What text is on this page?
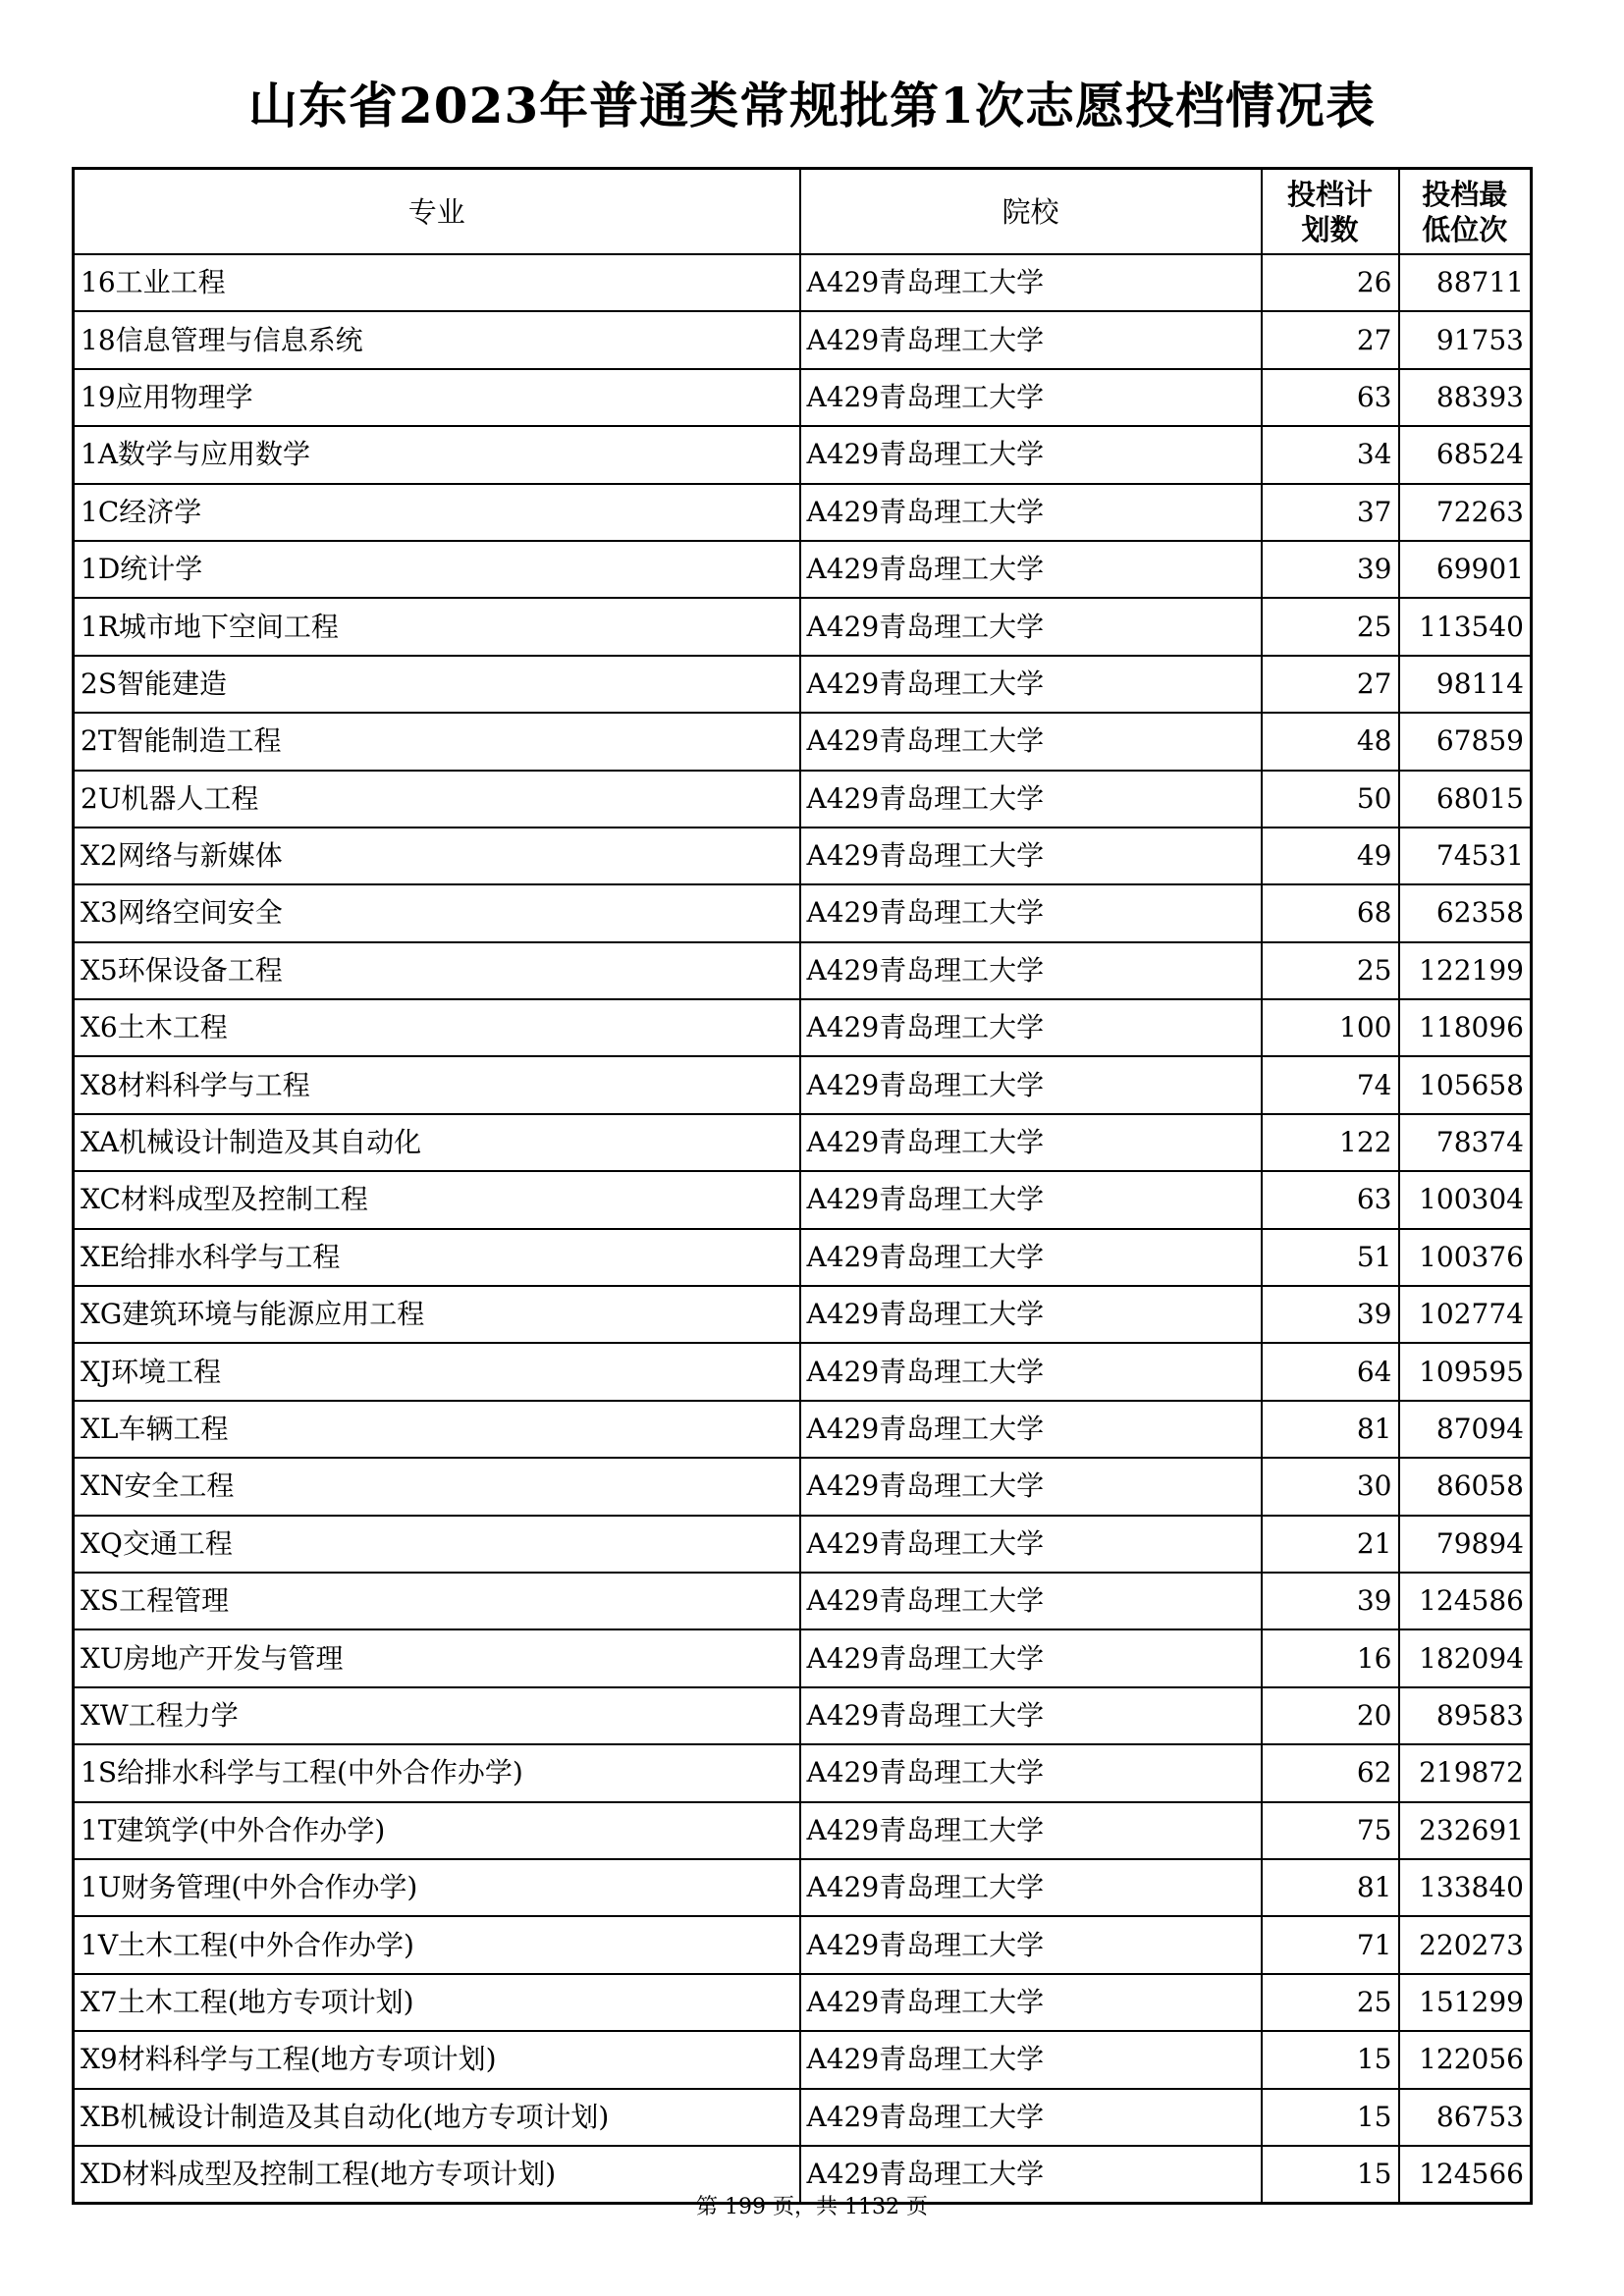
山东省2023年普通类常规批第1次志愿投档情况表
专业	院校	投档计划数	投档最低位次

16工业工程	A429青岛理工大学	26	88711
18信息管理与信息系统	A429青岛理工大学	27	91753
19应用物理学	A429青岛理工大学	63	88393
1A数学与应用数学	A429青岛理工大学	34	68524
1C经济学	A429青岛理工大学	37	72263
1D统计学	A429青岛理工大学	39	69901
1R城市地下空间工程	A429青岛理工大学	25	113540
2S智能建造	A429青岛理工大学	27	98114
2T智能制造工程	A429青岛理工大学	48	67859
2U机器人工程	A429青岛理工大学	50	68015
X2网络与新媒体	A429青岛理工大学	49	74531
X3网络空间安全	A429青岛理工大学	68	62358
X5环保设备工程	A429青岛理工大学	25	122199
X6土木工程	A429青岛理工大学	100	118096
X8材料科学与工程	A429青岛理工大学	74	105658
XA机械设计制造及其自动化	A429青岛理工大学	122	78374
XC材料成型及控制工程	A429青岛理工大学	63	100304
XE给排水科学与工程	A429青岛理工大学	51	100376
XG建筑环境与能源应用工程	A429青岛理工大学	39	102774
XJ环境工程	A429青岛理工大学	64	109595
XL车辆工程	A429青岛理工大学	81	87094
XN安全工程	A429青岛理工大学	30	86058
XQ交通工程	A429青岛理工大学	21	79894
XS工程管理	A429青岛理工大学	39	124586
XU房地产开发与管理	A429青岛理工大学	16	182094
XW工程力学	A429青岛理工大学	20	89583
1S给排水科学与工程(中外合作办学)	A429青岛理工大学	62	219872
1T建筑学(中外合作办学)	A429青岛理工大学	75	232691
1U财务管理(中外合作办学)	A429青岛理工大学	81	133840
1V土木工程(中外合作办学)	A429青岛理工大学	71	220273
X7土木工程(地方专项计划)	A429青岛理工大学	25	151299
X9材料科学与工程(地方专项计划)	A429青岛理工大学	15	122056
XB机械设计制造及其自动化(地方专项计划)	A429青岛理工大学	15	86753
XD材料成型及控制工程(地方专项计划)	A429青岛理工大学	15	124566
第 199 页，共 1132 页
